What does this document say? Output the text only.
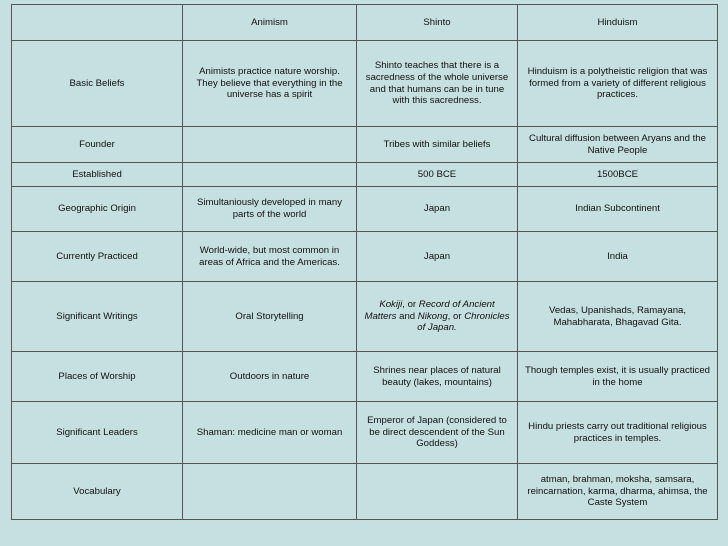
	Animism	Shinto	Hinduism
Basic Beliefs	Animists practice nature worship. They believe that everything in the universe has a spirit	Shinto teaches that there is a sacredness of the whole universe and that humans can be in tune with this sacredness.	Hinduism is a polytheistic religion that was formed from a variety of different religious practices.
Founder		Tribes with similar beliefs	Cultural diffusion between Aryans and the Native People
Established		500 BCE	1500BCE
Geographic Origin	Simultaniously developed in many parts of the world	Japan	Indian Subcontinent
Currently Practiced	World-wide, but most common in areas of Africa and the Americas.	Japan	India
Significant Writings	Oral Storytelling	Kokiji, or Record of Ancient Matters and Nikong, or Chronicles of Japan.	Vedas, Upanishads, Ramayana, Mahabharata, Bhagavad Gita.
Places of Worship	Outdoors in nature	Shrines near places of natural beauty (lakes, mountains)	Though temples exist, it is usually practiced in the home
Significant Leaders	Shaman: medicine man or woman	Emperor of Japan (considered to be direct descendent of the Sun Goddess)	Hindu priests carry out traditional religious practices in temples.
Vocabulary			atman, brahman, moksha, samsara, reincarnation, karma, dharma, ahimsa, the Caste System
